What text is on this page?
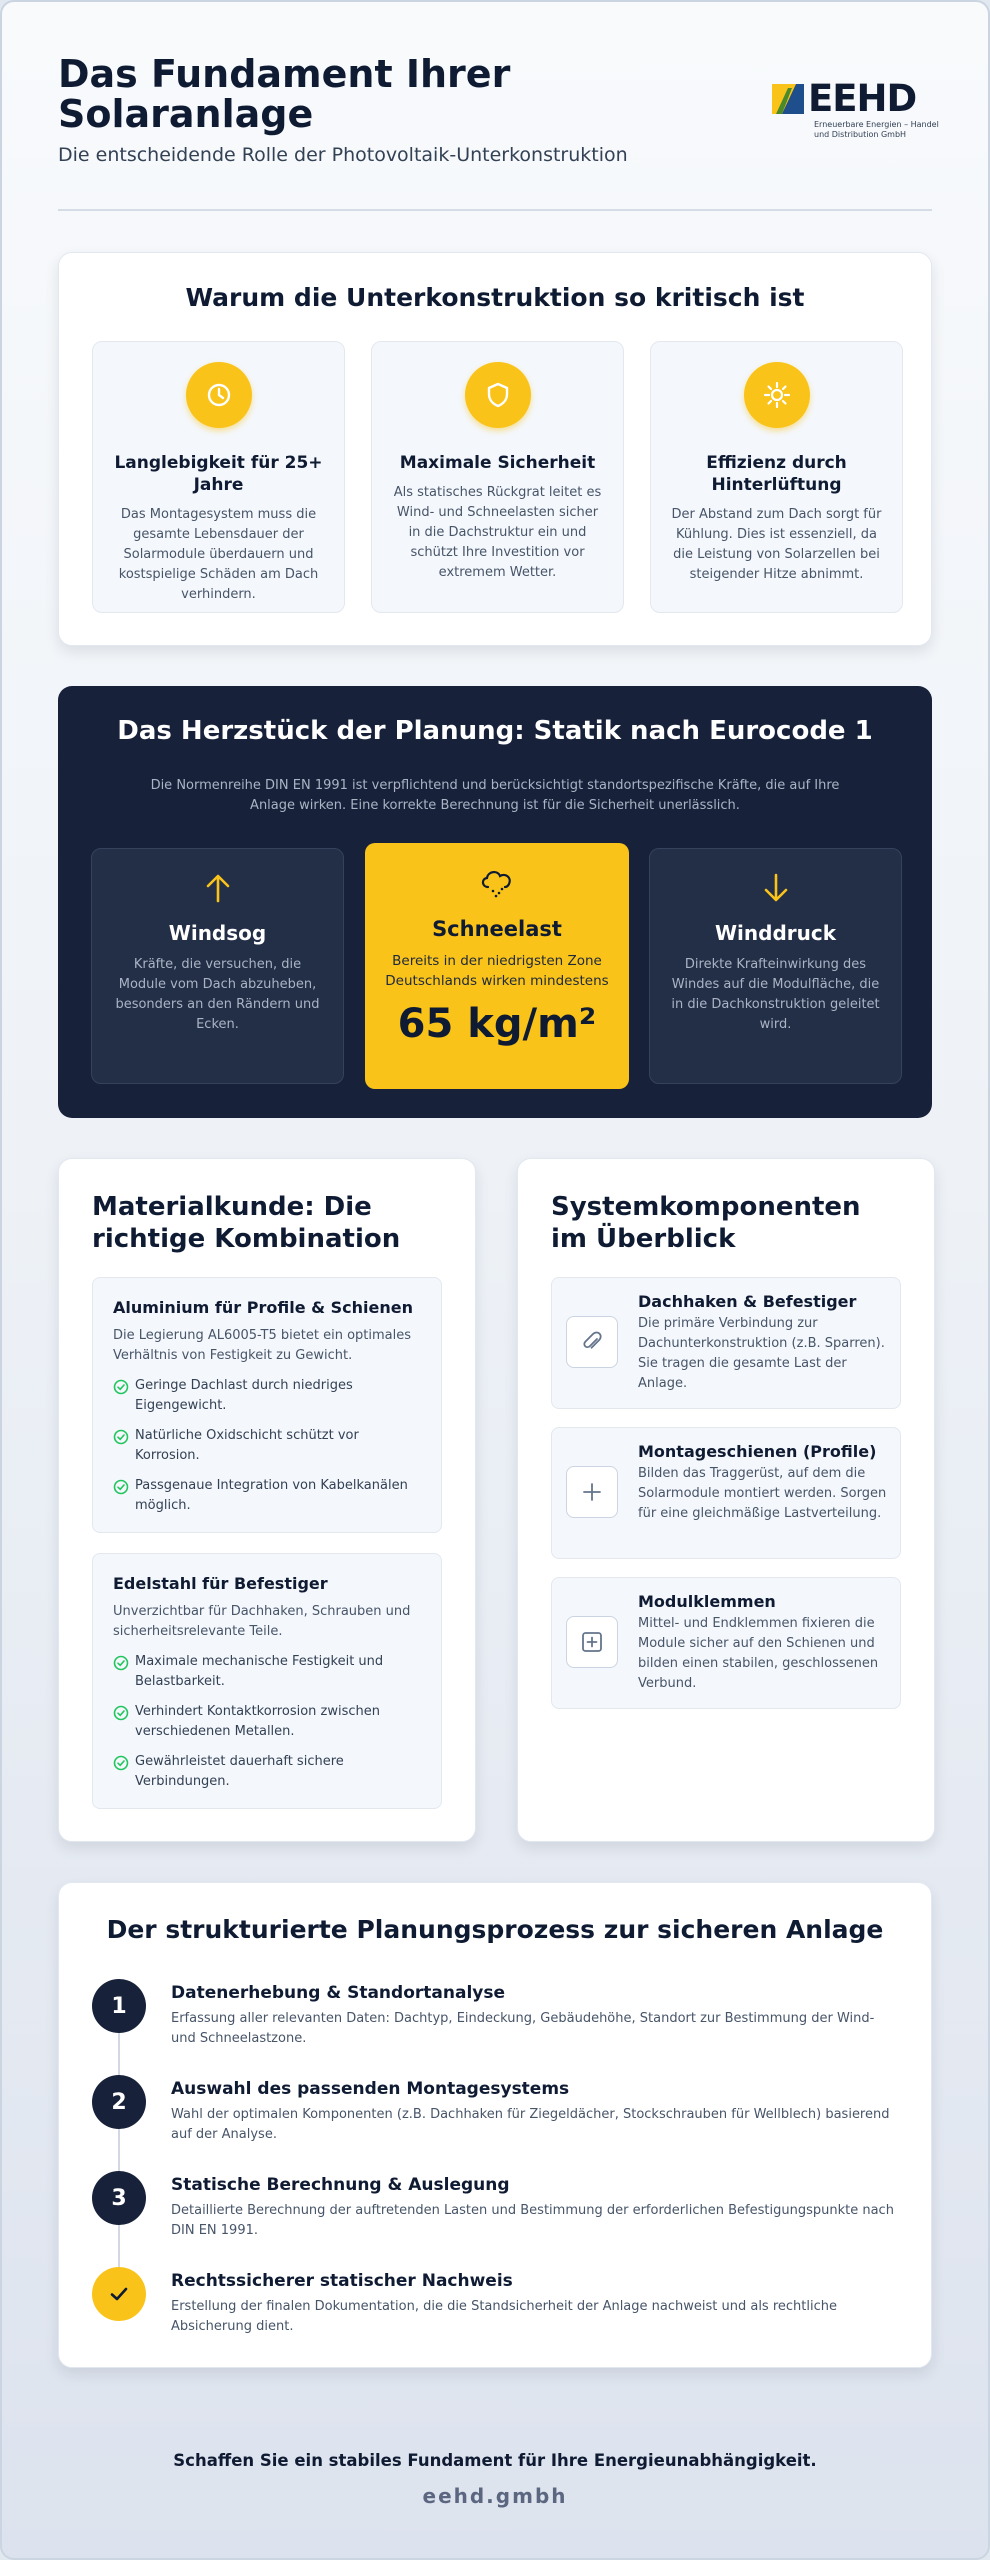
Das Fundament Ihrer Solaranlage
Die entscheidende Rolle der Photovoltaik-Unterkonstruktion
EEHD
Erneuerbare Energien – Handel und Distribution GmbH
Warum die Unterkonstruktion so kritisch ist
Langlebigkeit für 25+ Jahre
Das Montagesystem muss die gesamte Lebensdauer der Solarmodule überdauern und kostspielige Schäden am Dach verhindern.
Maximale Sicherheit
Als statisches Rückgrat leitet es Wind- und Schneelasten sicher in die Dachstruktur ein und schützt Ihre Investition vor extremem Wetter.
Effizienz durch Hinterlüftung
Der Abstand zum Dach sorgt für Kühlung. Dies ist essenziell, da die Leistung von Solarzellen bei steigender Hitze abnimmt.
Das Herzstück der Planung: Statik nach Eurocode 1
Die Normenreihe DIN EN 1991 ist verpflichtend und berücksichtigt standortspezifische Kräfte, die auf Ihre Anlage wirken. Eine korrekte Berechnung ist für die Sicherheit unerlässlich.
Windsog
Kräfte, die versuchen, die Module vom Dach abzuheben, besonders an den Rändern und Ecken.
Schneelast
Bereits in der niedrigsten Zone Deutschlands wirken mindestens
65 kg/m²
Winddruck
Direkte Krafteinwirkung des Windes auf die Modulfläche, die in die Dachkonstruktion geleitet wird.
Materialkunde: Die richtige Kombination
Aluminium für Profile & Schienen
Die Legierung AL6005-T5 bietet ein optimales Verhältnis von Festigkeit zu Gewicht.
Geringe Dachlast durch niedriges Eigengewicht.
Natürliche Oxidschicht schützt vor Korrosion.
Passgenaue Integration von Kabelkanälen möglich.
Edelstahl für Befestiger
Unverzichtbar für Dachhaken, Schrauben und sicherheitsrelevante Teile.
Maximale mechanische Festigkeit und Belastbarkeit.
Verhindert Kontaktkorrosion zwischen verschiedenen Metallen.
Gewährleistet dauerhaft sichere Verbindungen.
Systemkomponenten im Überblick
Dachhaken & Befestiger
Die primäre Verbindung zur Dachunterkonstruktion (z.B. Sparren). Sie tragen die gesamte Last der Anlage.
Montageschienen (Profile)
Bilden das Traggerüst, auf dem die Solarmodule montiert werden. Sorgen für eine gleichmäßige Lastverteilung.
Modulklemmen
Mittel- und Endklemmen fixieren die Module sicher auf den Schienen und bilden einen stabilen, geschlossenen Verbund.
Der strukturierte Planungsprozess zur sicheren Anlage
1
Datenerhebung & Standortanalyse
Erfassung aller relevanten Daten: Dachtyp, Eindeckung, Gebäudehöhe, Standort zur Bestimmung der Wind- und Schneelastzone.
2
Auswahl des passenden Montagesystems
Wahl der optimalen Komponenten (z.B. Dachhaken für Ziegeldächer, Stockschrauben für Wellblech) basierend auf der Analyse.
3
Statische Berechnung & Auslegung
Detaillierte Berechnung der auftretenden Lasten und Bestimmung der erforderlichen Befestigungspunkte nach DIN EN 1991.
Rechtssicherer statischer Nachweis
Erstellung der finalen Dokumentation, die die Standsicherheit der Anlage nachweist und als rechtliche Absicherung dient.
Schaffen Sie ein stabiles Fundament für Ihre Energieunabhängigkeit.
eehd.gmbh
